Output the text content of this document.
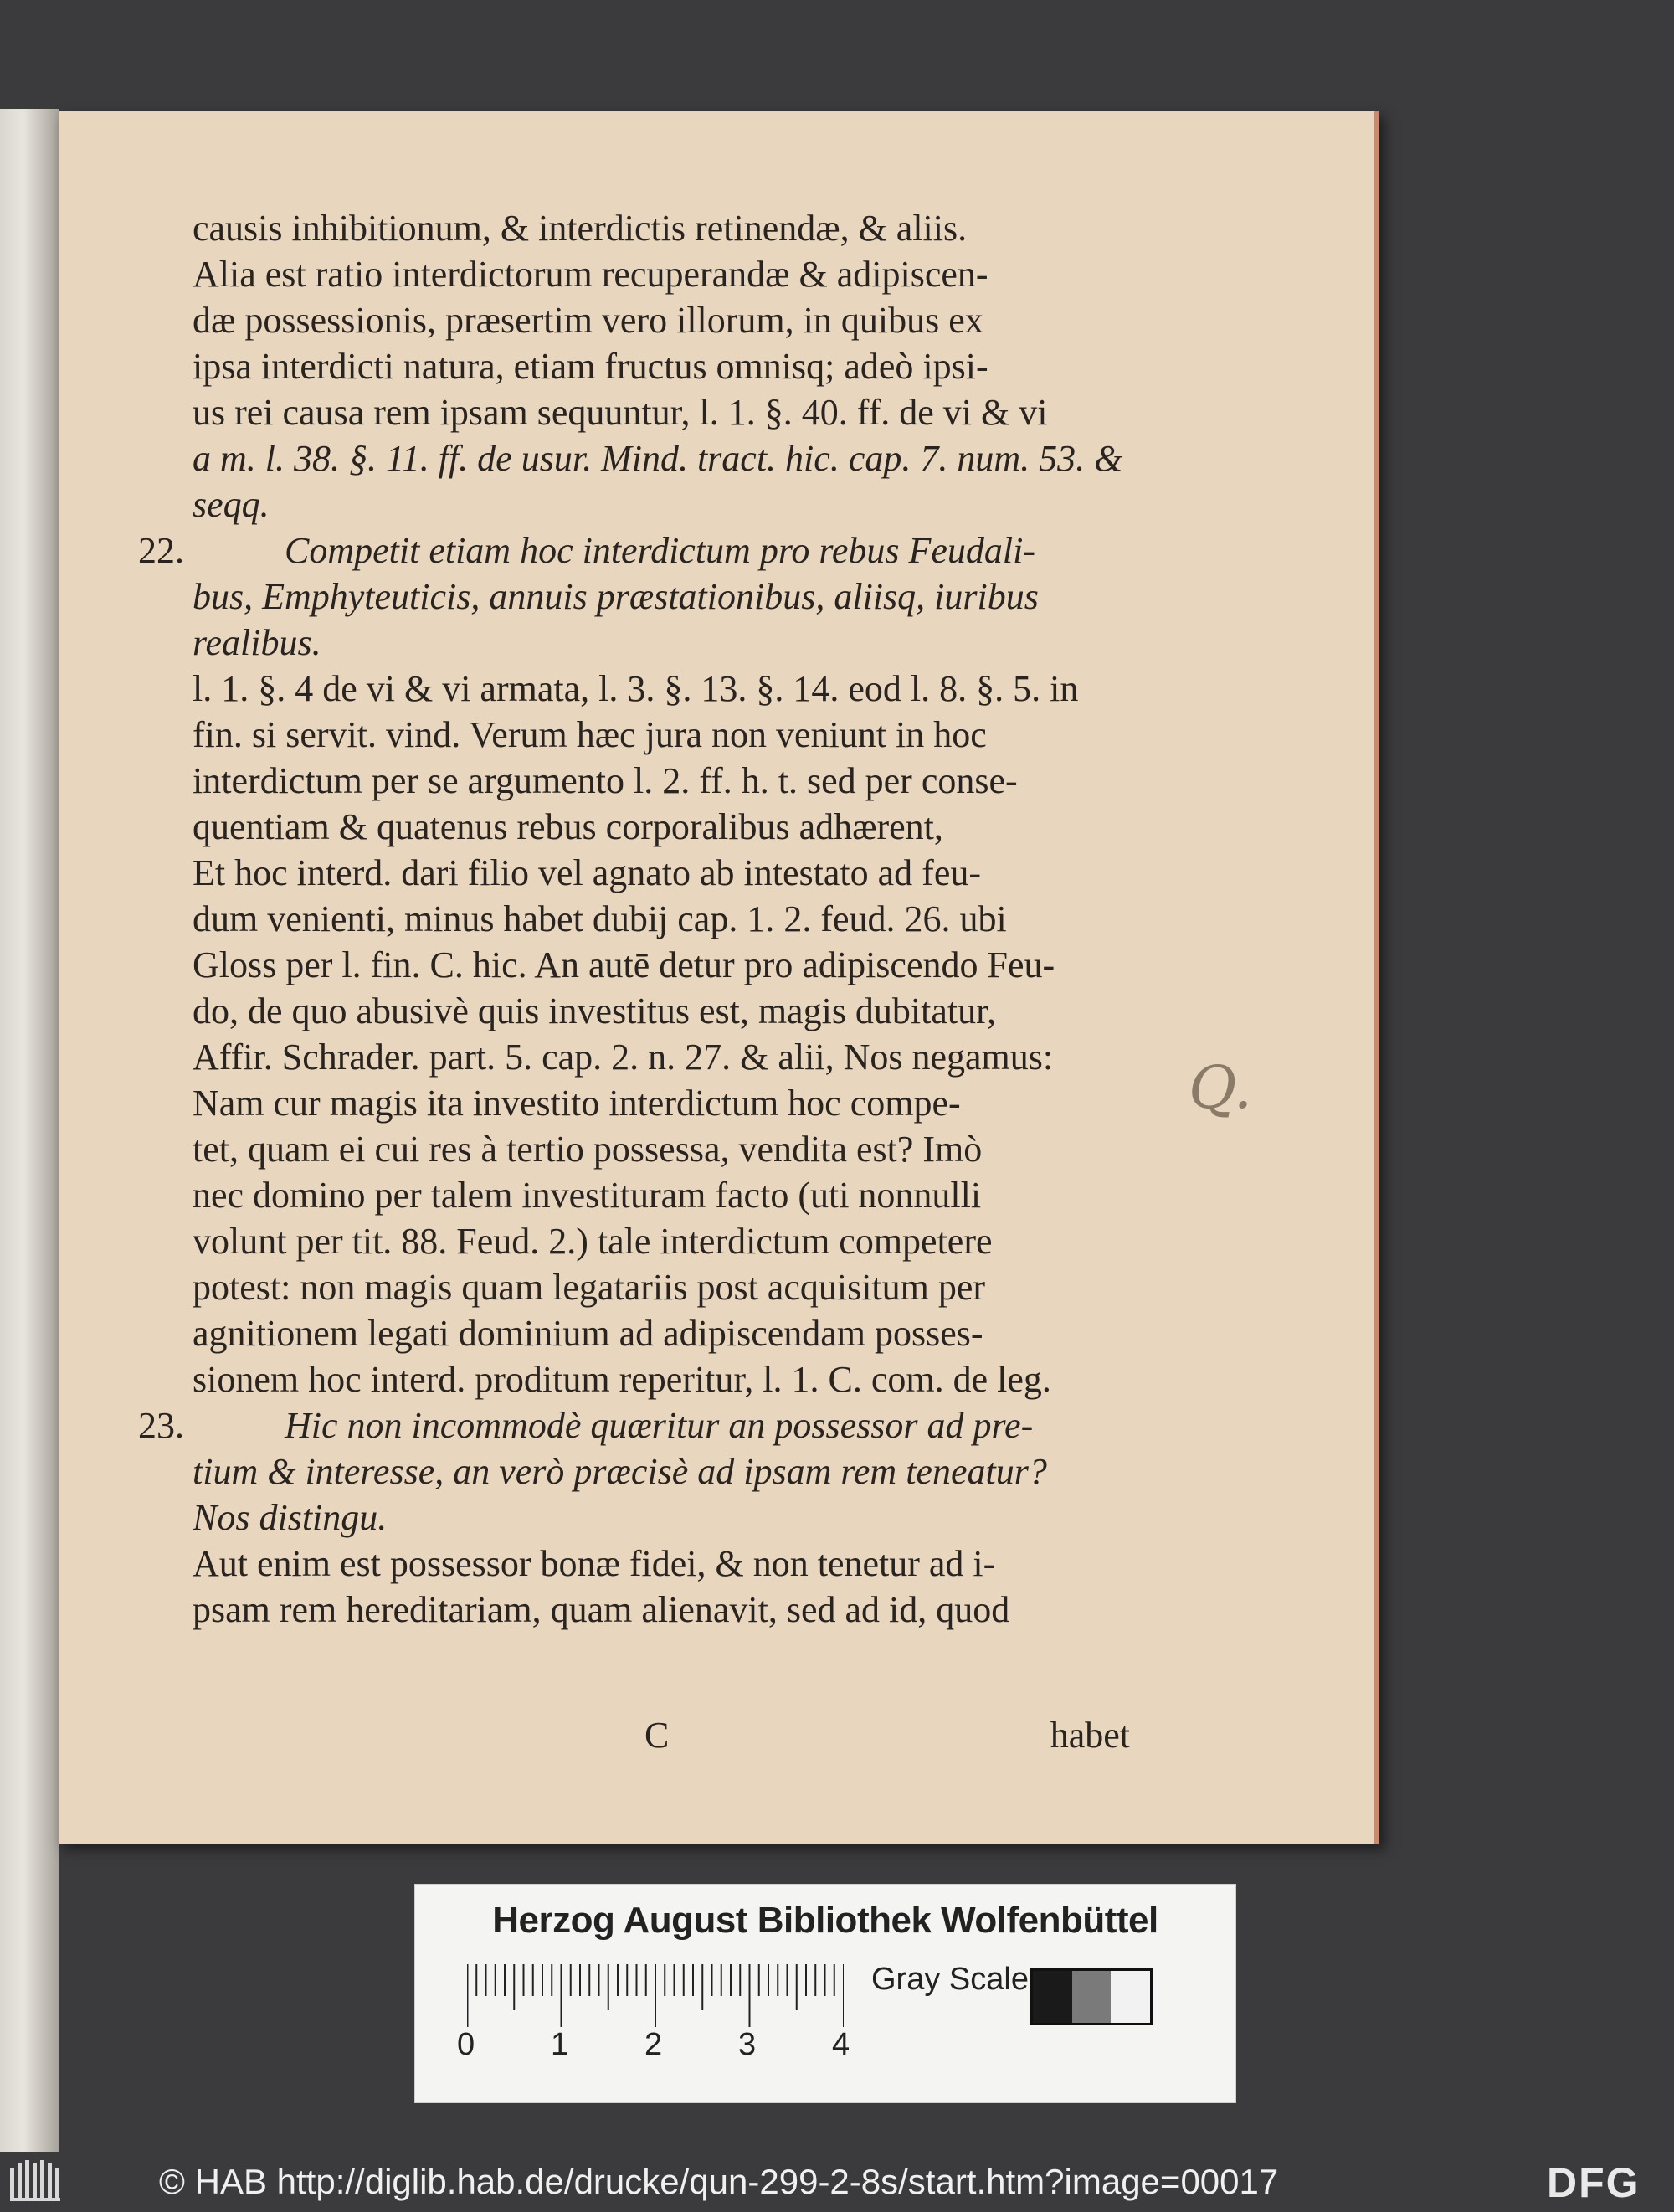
causis inhibitionum, & interdictis retinendæ, & aliis.
Alia est ratio interdictorum recuperandæ & adipiscen-
dæ possessionis, præsertim vero illorum, in quibus ex
ipsa interdicti natura, etiam fructus omnisq; adeò ipsi-
us rei causa rem ipsam sequuntur, l. 1. §. 40. ff. de vi & vi
a m. l. 38. §. 11. ff. de usur. Mind. tract. hic. cap. 7. num. 53. &
seqq.
22.	Competit etiam hoc interdictum pro rebus Feudali-
bus, Emphyteuticis, annuis præstationibus, aliisq, iuribus
realibus.
l. 1. §. 4 de vi & vi armata, l. 3. §. 13. §. 14. eod l. 8. §. 5. in
fin. si servit. vind. Verum hæc jura non veniunt in hoc
interdictum per se argumento l. 2. ff. h. t. sed per conse-
quentiam & quatenus rebus corporalibus adhærent,
Et hoc interd. dari filio vel agnato ab intestato ad feu-
dum venienti, minus habet dubij cap. 1. 2. feud. 26. ubi
Gloss per l. fin. C. hic. An autē detur pro adipiscendo Feu-
do, de quo abusivè quis investitus est, magis dubitatur,
Affir. Schrader. part. 5. cap. 2. n. 27. & alii, Nos negamus:
Nam cur magis ita investito interdictum hoc compe-
tet, quam ei cui res à tertio possessa, vendita est? Imò
nec domino per talem investituram facto (uti nonnulli
volunt per tit. 88. Feud. 2.) tale interdictum competere
potest: non magis quam legatariis post acquisitum per
agnitionem legati dominium ad adipiscendam posses-
sionem hoc interd. proditum reperitur, l. 1. C. com. de leg.
23.	Hic non incommodè quæritur an possessor ad pre-
tium & interesse, an verò præcisè ad ipsam rem teneatur?
Nos distingu.
Aut enim est possessor bonæ fidei, & non tenetur ad i-
psam rem hereditariam, quam alienavit, sed ad id, quod
C	habet
Q.
Herzog August Bibliothek Wolfenbüttel
0 1 2 3 4
Gray Scale
© HAB http://diglib.hab.de/drucke/qun-299-2-8s/start.htm?image=00017	DFG
